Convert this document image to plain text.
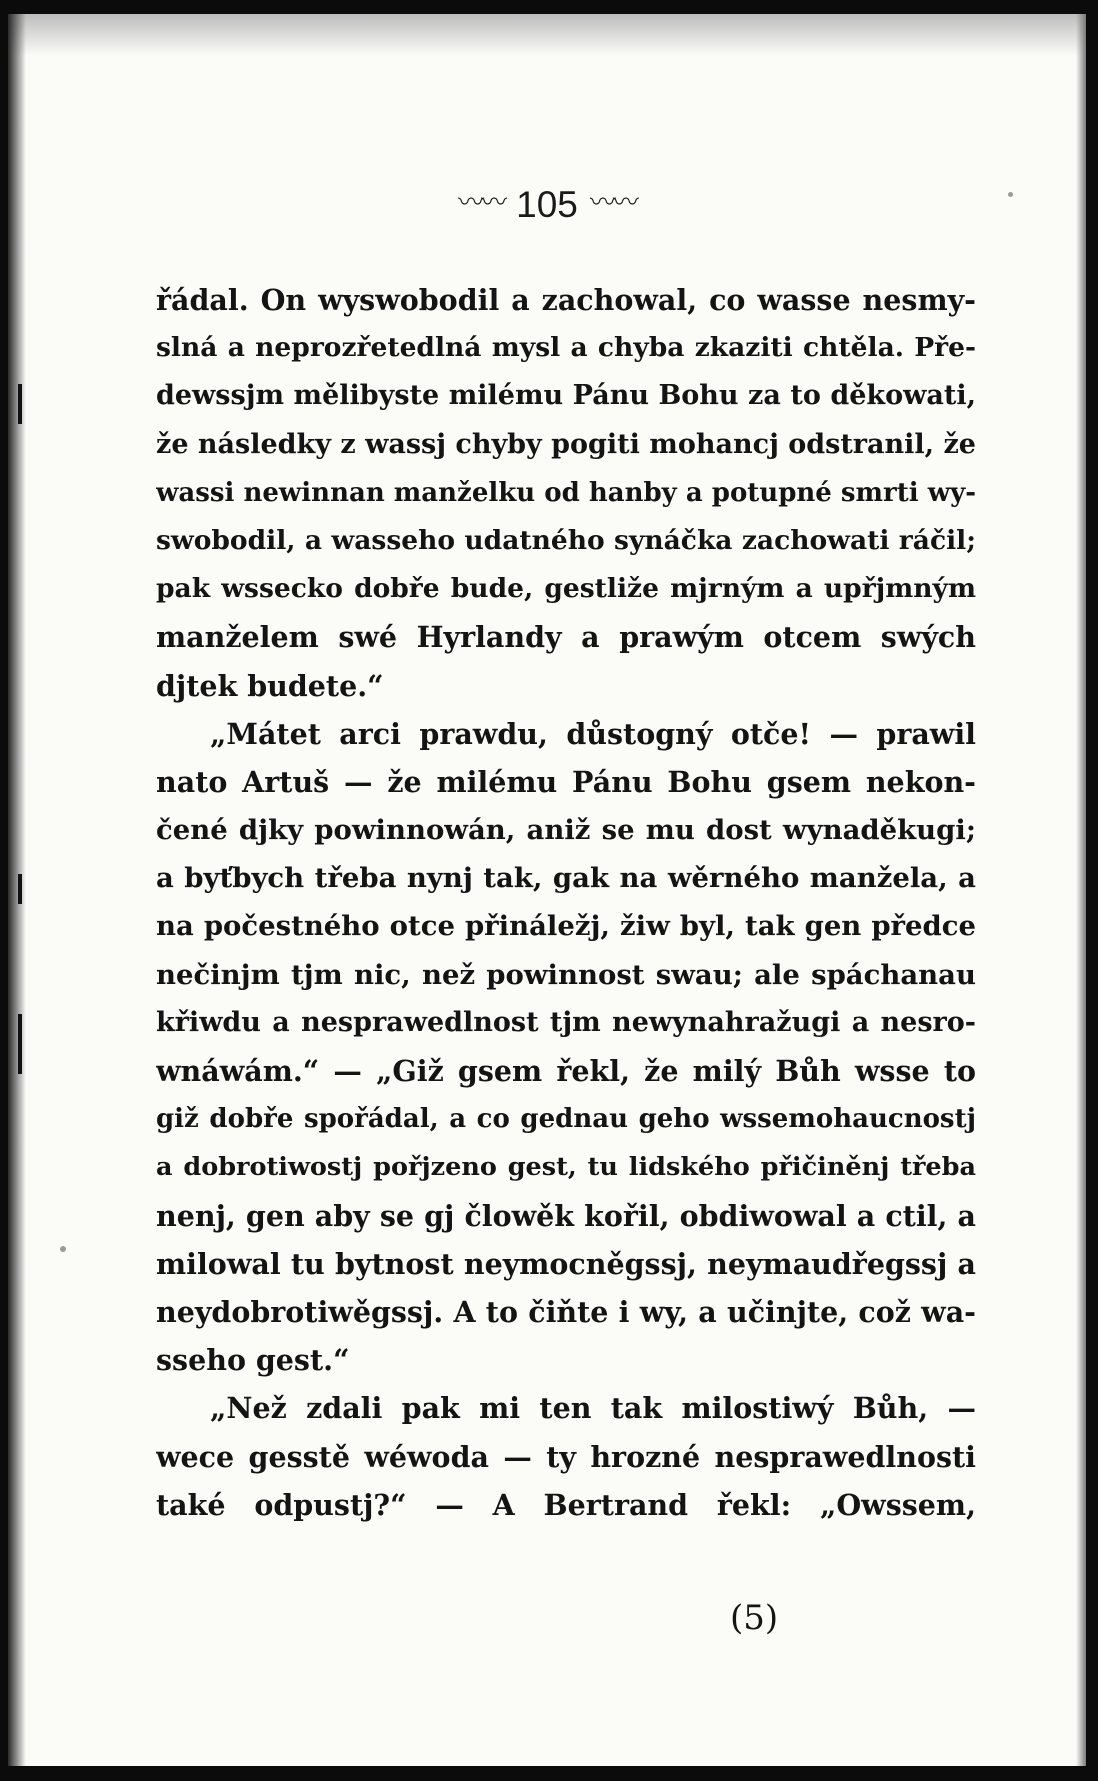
〰〰 105 〰〰
řádal. On wyswobodil a zachowal, co wasse nesmy-
slná a neprozřetedlná mysl a chyba zkaziti chtěla. Pře-
dewssjm mělibyste milému Pánu Bohu za to děkowati,
že následky z wassj chyby pogiti mohancj odstranil, že
wassi newinnan manželku od hanby a potupné smrti wy-
swobodil, a wasseho udatného synáčka zachowati ráčil;
pak wssecko dobře bude, gestliže mjrným a upřjmným
manželem swé Hyrlandy a prawým otcem swých
djtek budete.“
„Mátet arci prawdu, důstogný otče! — prawil
nato Artuš — že milému Pánu Bohu gsem nekon-
čené djky powinnowán, aniž se mu dost wynaděkugi;
a byťbych třeba nynj tak, gak na wěrného manžela, a
na počestného otce přináležj, žiw byl, tak gen předce
nečinjm tjm nic, než powinnost swau; ale spáchanau
křiwdu a nesprawedlnost tjm newynahražugi a nesro-
wnáwám.“ — „Giž gsem řekl, že milý Bůh wsse to
giž dobře spořádal, a co gednau geho wssemohaucnostj
a dobrotiwostj pořjzeno gest, tu lidského přičiněnj třeba
nenj, gen aby se gj člowěk kořil, obdiwowal a ctil, a
milowal tu bytnost neymocněgssj, neymaudřegssj a
neydobrotiwěgssj. A to čiňte i wy, a učinjte, což wa-
sseho gest.“
„Než zdali pak mi ten tak milostiwý Bůh, —
wece gesstě wéwoda — ty hrozné nesprawedlnosti
také odpustj?“ — A Bertrand řekl: „Owssem,
(5)
